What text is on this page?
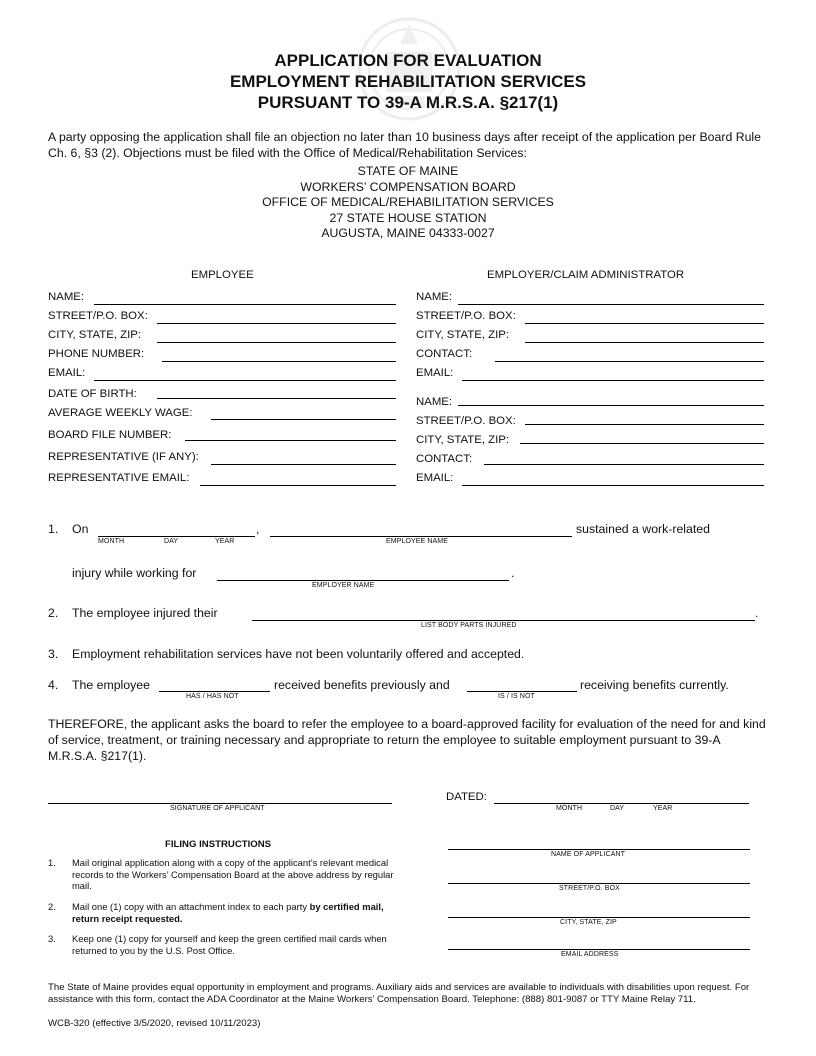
APPLICATION FOR EVALUATION
EMPLOYMENT REHABILITATION SERVICES
PURSUANT TO 39-A M.R.S.A. §217(1)
A party opposing the application shall file an objection no later than 10 business days after receipt of the application per Board Rule Ch. 6, §3 (2). Objections must be filed with the Office of Medical/Rehabilitation Services:
STATE OF MAINE
WORKERS’ COMPENSATION BOARD
OFFICE OF MEDICAL/REHABILITATION SERVICES
27 STATE HOUSE STATION
AUGUSTA, MAINE 04333-0027
EMPLOYEE	EMPLOYER/CLAIM ADMINISTRATOR
NAME:
STREET/P.O. BOX:
CITY, STATE, ZIP:
PHONE NUMBER:
EMAIL:
DATE OF BIRTH:
AVERAGE WEEKLY WAGE:
BOARD FILE NUMBER:
REPRESENTATIVE (IF ANY):
REPRESENTATIVE EMAIL:
NAME:
STREET/P.O. BOX:
CITY, STATE, ZIP:
CONTACT:
EMAIL:
NAME:
STREET/P.O. BOX:
CITY, STATE, ZIP:
CONTACT:
EMAIL:
1. On	,	sustained a work-related
MONTH	DAY	YEAR	EMPLOYEE NAME
injury while working for	.
EMPLOYER NAME
2. The employee injured their	.
LIST BODY PARTS INJURED
3. Employment rehabilitation services have not been voluntarily offered and accepted.
4. The employee	received benefits previously and	receiving benefits currently.
HAS / HAS NOT	IS / IS NOT
THEREFORE, the applicant asks the board to refer the employee to a board-approved facility for evaluation of the need for and kind of service, treatment, or training necessary and appropriate to return the employee to suitable employment pursuant to 39-A M.R.S.A. §217(1).
SIGNATURE OF APPLICANT
DATED:
MONTH	DAY	YEAR
NAME OF APPLICANT
STREET/P.O. BOX
CITY, STATE, ZIP
EMAIL ADDRESS
FILING INSTRUCTIONS
1. Mail original application along with a copy of the applicant’s relevant medical records to the Workers’ Compensation Board at the above address by regular mail.
2. Mail one (1) copy with an attachment index to each party by certified mail, return receipt requested.
3. Keep one (1) copy for yourself and keep the green certified mail cards when returned to you by the U.S. Post Office.
The State of Maine provides equal opportunity in employment and programs. Auxiliary aids and services are available to individuals with disabilities upon request. For assistance with this form, contact the ADA Coordinator at the Maine Workers’ Compensation Board. Telephone: (888) 801-9087 or TTY Maine Relay 711.
WCB-320 (effective 3/5/2020, revised 10/11/2023)
